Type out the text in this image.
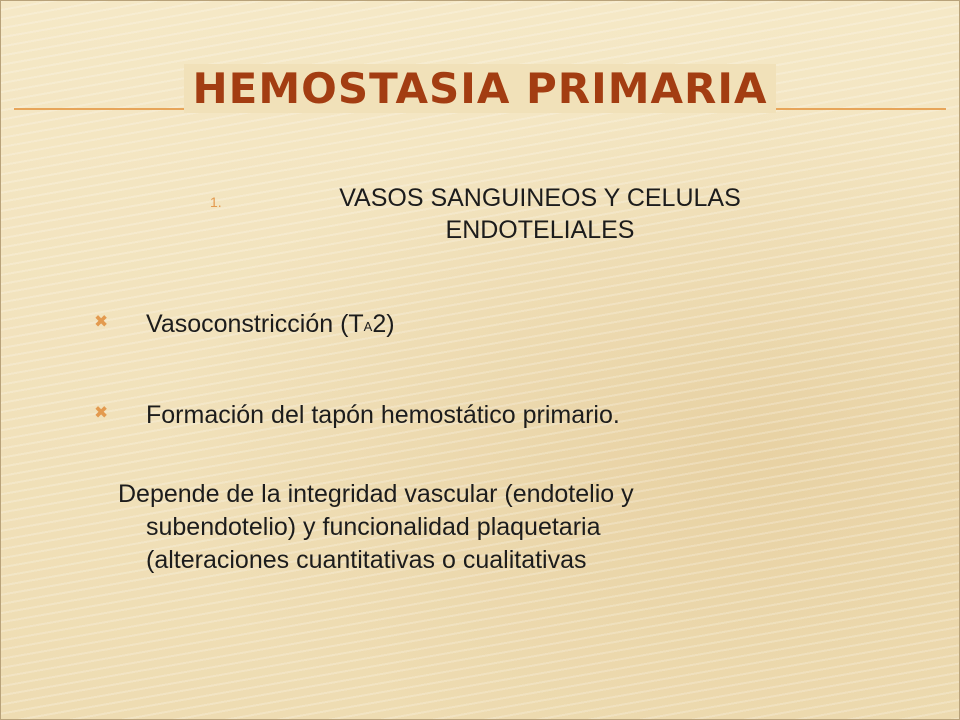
HEMOSTASIA PRIMARIA
1.	VASOS SANGUINEOS Y CELULAS ENDOTELIALES
✖ Vasoconstricción (TA2)
✖ Formación del tapón hemostático primario.
Depende de la integridad vascular (endotelio y
subendotelio) y funcionalidad plaquetaria
(alteraciones cuantitativas o cualitativas
